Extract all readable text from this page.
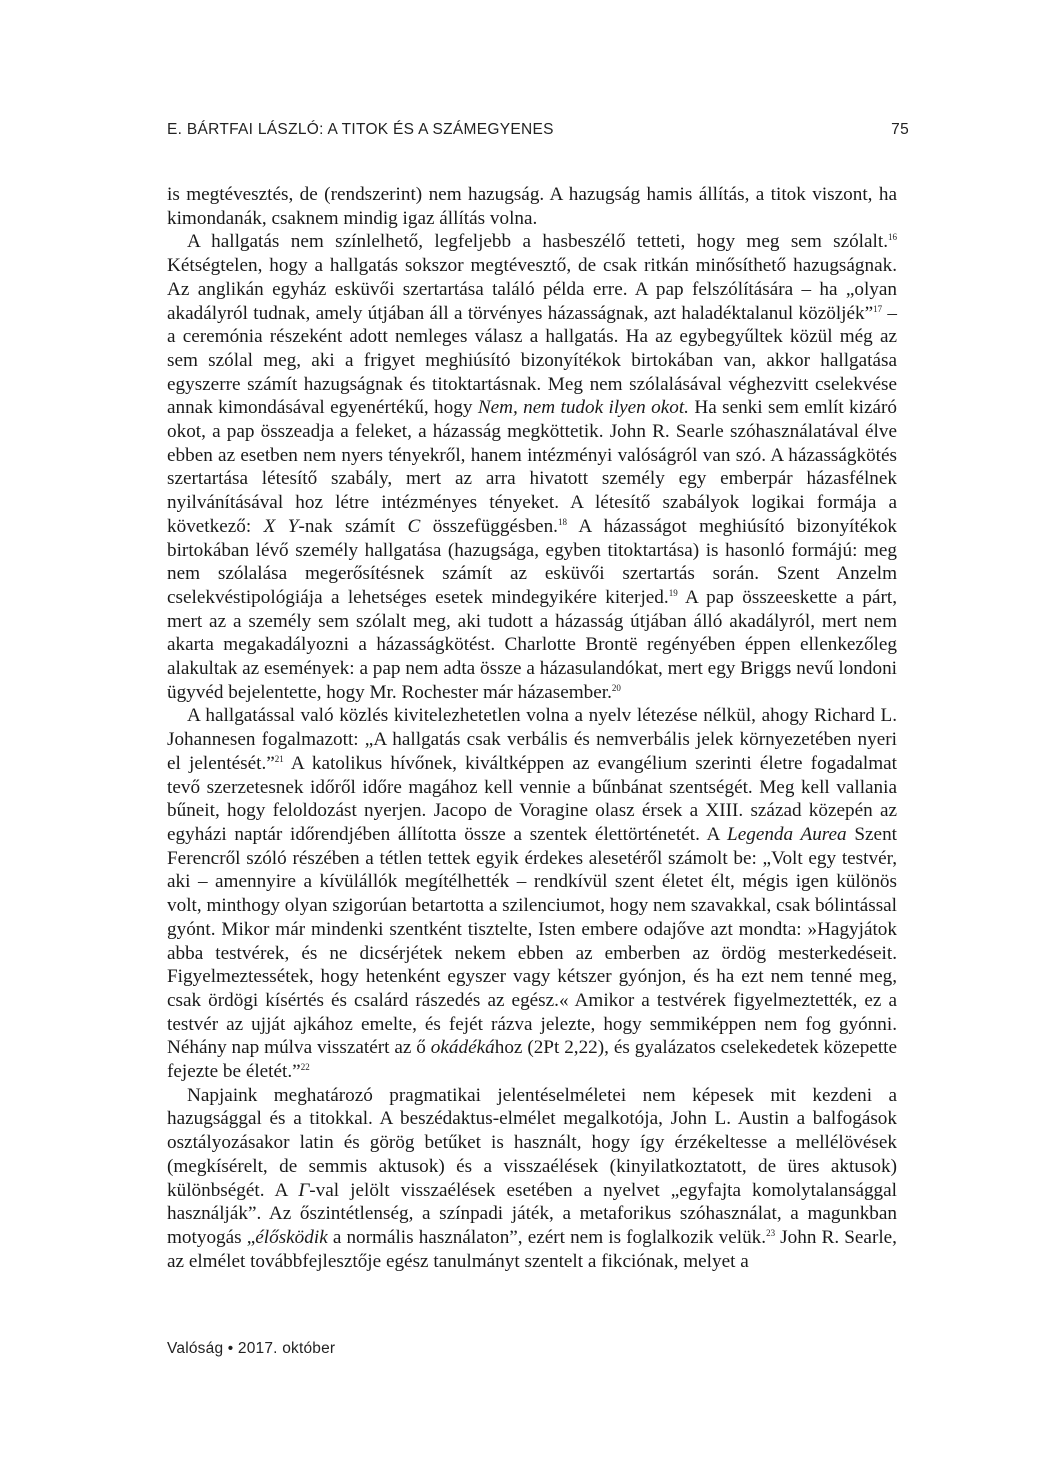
E. BÁRTFAI LÁSZLÓ: A TITOK ÉS A SZÁMEGYENES	75

is megtévesztés, de (rendszerint) nem hazugság. A hazugság hamis állítás, a titok viszont, ha kimondanák, csaknem mindig igaz állítás volna.

A hallgatás nem színlelhető, legfeljebb a hasbeszélő tetteti, hogy meg sem szólalt.$^{16}$ Kétségtelen, hogy a hallgatás sokszor megtévesztő, de csak ritkán minősíthető hazugságnak. Az anglikán egyház esküvői szertartása találó példa erre. A pap felszólítására – ha „olyan akadályról tudnak, amely útjában áll a törvényes házasságnak, azt haladéktalanul közöljék”$^{17}$ – a ceremónia részeként adott nemleges válasz a hallgatás. Ha az egybegyűltek közül még az sem szólal meg, aki a frigyet meghiúsító bizonyítékok birtokában van, akkor hallgatása egyszerre számít hazugságnak és titoktartásnak. Meg nem szólalásával véghezvitt cselekvése annak kimondásával egyenértékű, hogy Nem, nem tudok ilyen okot. Ha senki sem említ kizáró okot, a pap összeadja a feleket, a házasság megköttetik. John R. Searle szóhasználatával élve ebben az esetben nem nyers tényekről, hanem intézményi valóságról van szó. A házasságkötés szertartása létesítő szabály, mert az arra hivatott személy egy emberpár házasfélnek nyilvánításával hoz létre intézményes tényeket. A létesítő szabályok logikai formája a következő: X Y-nak számít C összefüggésben.$^{18}$ A házasságot meghiúsító bizonyítékok birtokában lévő személy hallgatása (hazugsága, egyben titoktartása) is hasonló formájú: meg nem szólalása megerősítésnek számít az esküvői szertartás során. Szent Anzelm cselekvéstipológiája a lehetséges esetek mindegyikére kiterjed.$^{19}$ A pap összeeskette a párt, mert az a személy sem szólalt meg, aki tudott a házasság útjában álló akadályról, mert nem akarta megakadályozni a házasságkötést. Charlotte Brontë regényében éppen ellenkezőleg alakultak az események: a pap nem adta össze a házasulandókat, mert egy Briggs nevű londoni ügyvéd bejelentette, hogy Mr. Rochester már házasember.$^{20}$

A hallgatással való közlés kivitelezhetetlen volna a nyelv létezése nélkül, ahogy Richard L. Johannesen fogalmazott: „A hallgatás csak verbális és nemverbális jelek környezetében nyeri el jelentését.”$^{21}$ A katolikus hívőnek, kiváltképpen az evangélium szerinti életre fogadalmat tevő szerzetesnek időről időre magához kell vennie a bűnbánat szentségét. Meg kell vallania bűneit, hogy feloldozást nyerjen. Jacopo de Voragine olasz érsek a XIII. század közepén az egyházi naptár időrendjében állította össze a szentek élettörténetét. A Legenda Aurea Szent Ferencről szóló részében a tétlen tettek egyik érdekes alesetéről számolt be: „Volt egy testvér, aki – amennyire a kívülállók megítélhették – rendkívül szent életet élt, mégis igen különös volt, minthogy olyan szigorúan betartotta a szilenciumot, hogy nem szavakkal, csak bólintással gyónt. Mikor már mindenki szentként tisztelte, Isten embere odajőve azt mondta: »Hagyjátok abba testvérek, és ne dicsérjétek nekem ebben az emberben az ördög mesterkedéseit. Figyelmeztessétek, hogy hetenként egyszer vagy kétszer gyónjon, és ha ezt nem tenné meg, csak ördögi kísértés és csalárd rászedés az egész.« Amikor a testvérek figyelmeztették, ez a testvér az ujját ajkához emelte, és fejét rázva jelezte, hogy semmiképpen nem fog gyónni. Néhány nap múlva visszatért az ő okádékához (2Pt 2,22), és gyalázatos cselekedetek közepette fejezte be életét.”$^{22}$

Napjaink meghatározó pragmatikai jelentéselméletei nem képesek mit kezdeni a hazugsággal és a titokkal. A beszédaktus-elmélet megalkotója, John L. Austin a balfogások osztályozásakor latin és görög betűket is használt, hogy így érzékeltesse a mellélövések (megkísérelt, de semmis aktusok) és a visszaélések (kinyilatkoztatott, de üres aktusok) különbségét. A Γ-val jelölt visszaélések esetében a nyelvet „egyfajta komolytalansággal használják”. Az őszintétlenség, a színpadi játék, a metaforikus szóhasználat, a magunkban motyogás „élősködik a normális használaton”, ezért nem is foglalkozik velük.$^{23}$ John R. Searle, az elmélet továbbfejlesztője egész tanulmányt szentelt a fikciónak, melyet a

Valóság • 2017. október
